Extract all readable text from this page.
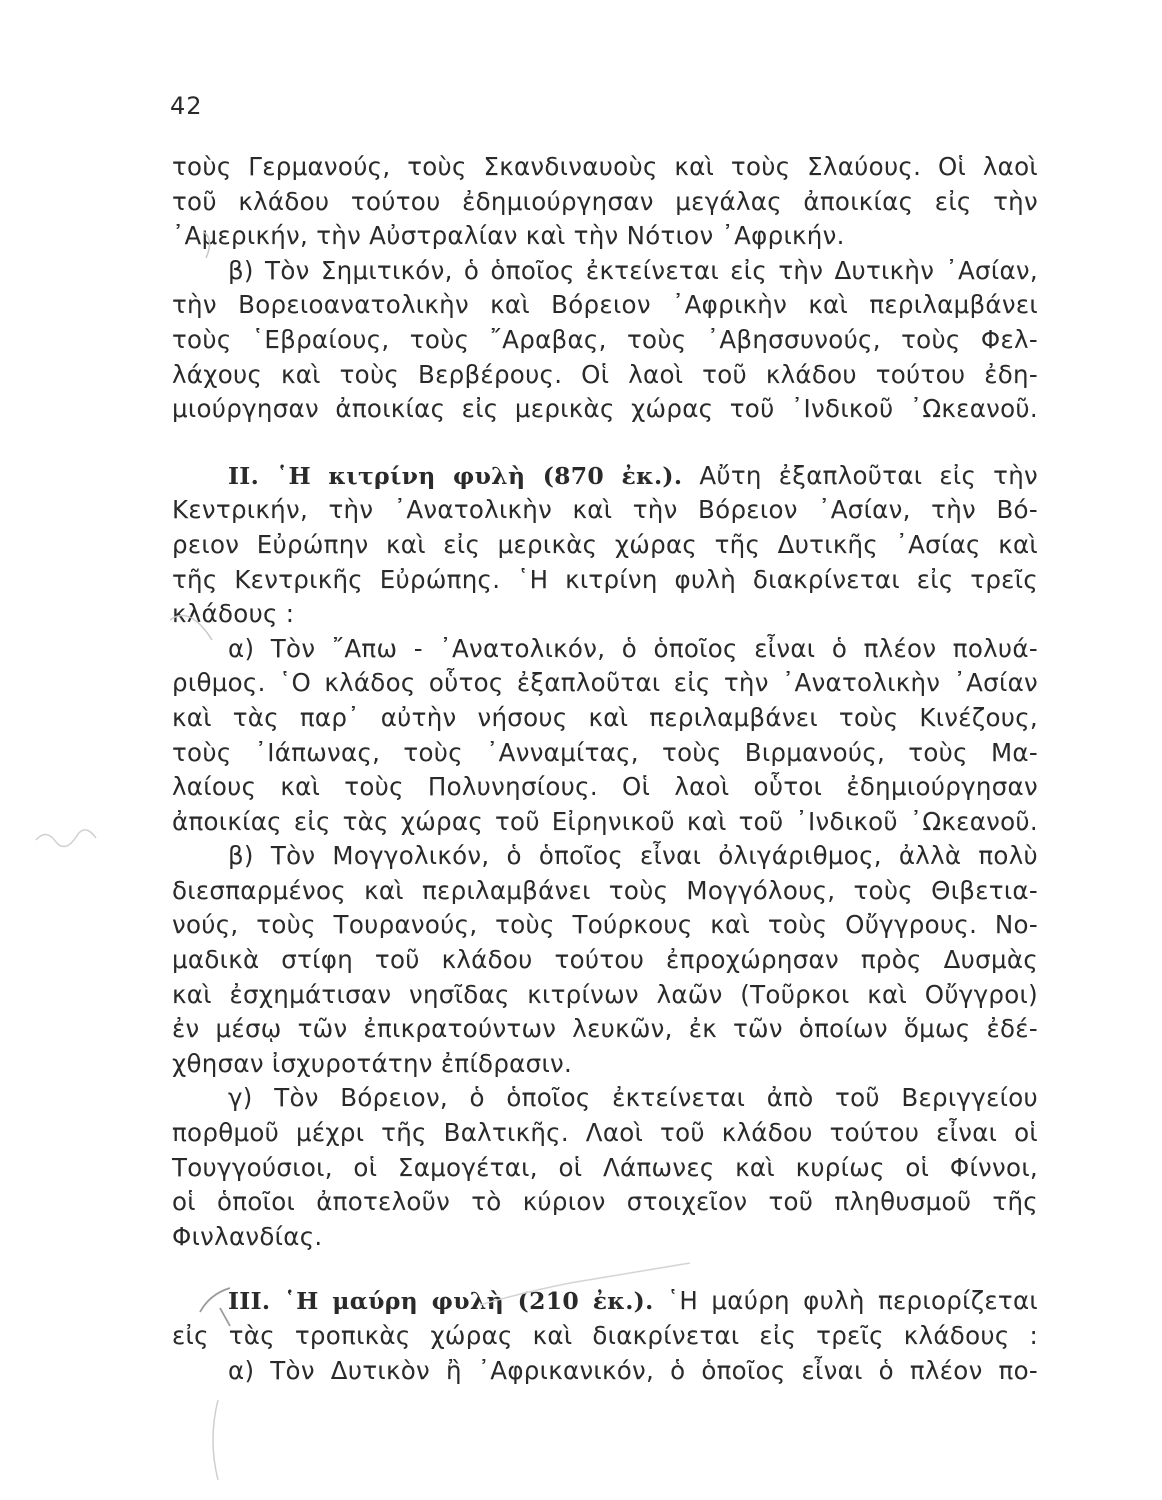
42
τοὺς Γερμανούς, τοὺς Σκανδιναυοὺς καὶ τοὺς Σλαύους. Οἱ λαοὶ
τοῦ κλάδου τούτου ἐδημιούργησαν μεγάλας ἀποικίας εἰς τὴν
᾿Αμερικήν, τὴν Αὐστραλίαν καὶ τὴν Νότιον ᾿Αφρικήν.
β) Τὸν Σημιτικόν, ὁ ὁποῖος ἐκτείνεται εἰς τὴν Δυτικὴν ᾿Ασίαν,
τὴν Βορειοανατολικὴν καὶ Βόρειον ᾿Αφρικὴν καὶ περιλαμβάνει
τοὺς ῾Εβραίους, τοὺς ῎Αραβας, τοὺς ᾿Αβησσυνούς, τοὺς Φελ-
λάχους καὶ τοὺς Βερβέρους. Οἱ λαοὶ τοῦ κλάδου τούτου ἐδη-
μιούργησαν ἀποικίας εἰς μερικὰς χώρας τοῦ ᾿Ινδικοῦ ᾿Ωκεανοῦ.
II. ῾Η κιτρίνη φυλὴ (870 ἐκ.). Αὔτη ἐξαπλοῦται εἰς τὴν
Κεντρικήν, τὴν ᾿Ανατολικὴν καὶ τὴν Βόρειον ᾿Ασίαν, τὴν Βό-
ρειον Εὐρώπην καὶ εἰς μερικὰς χώρας τῆς Δυτικῆς ᾿Ασίας καὶ
τῆς Κεντρικῆς Εὐρώπης. ῾Η κιτρίνη φυλὴ διακρίνεται εἰς τρεῖς
κλάδους :
α) Τὸν ῎Απω - ᾿Ανατολικόν, ὁ ὁποῖος εἶναι ὁ πλέον πολυά-
ριθμος. ῾Ο κλάδος οὗτος ἐξαπλοῦται εἰς τὴν ᾿Ανατολικὴν ᾿Ασίαν
καὶ τὰς παρ᾿ αὐτὴν νήσους καὶ περιλαμβάνει τοὺς Κινέζους,
τοὺς ᾿Ιάπωνας, τοὺς ᾿Ανναμίτας, τοὺς Βιρμανούς, τοὺς Μα-
λαίους καὶ τοὺς Πολυνησίους. Οἱ λαοὶ οὗτοι ἐδημιούργησαν
ἀποικίας εἰς τὰς χώρας τοῦ Εἰρηνικοῦ καὶ τοῦ ᾿Ινδικοῦ ᾿Ωκεανοῦ.
β) Τὸν Μογγολικόν, ὁ ὁποῖος εἶναι ὀλιγάριθμος, ἀλλὰ πολὺ
διεσπαρμένος καὶ περιλαμβάνει τοὺς Μογγόλους, τοὺς Θιβετια-
νούς, τοὺς Τουρανούς, τοὺς Τούρκους καὶ τοὺς Οὔγγρους. Νο-
μαδικὰ στίφη τοῦ κλάδου τούτου ἐπροχώρησαν πρὸς Δυσμὰς
καὶ ἐσχημάτισαν νησῖδας κιτρίνων λαῶν (Τοῦρκοι καὶ Οὔγγροι)
ἐν μέσῳ τῶν ἐπικρατούντων λευκῶν, ἐκ τῶν ὁποίων ὅμως ἐδέ-
χθησαν ἰσχυροτάτην ἐπίδρασιν.
γ) Τὸν Βόρειον, ὁ ὁποῖος ἐκτείνεται ἀπὸ τοῦ Βεριγγείου
πορθμοῦ μέχρι τῆς Βαλτικῆς. Λαοὶ τοῦ κλάδου τούτου εἶναι οἱ
Τουγγούσιοι, οἱ Σαμογέται, οἱ Λάπωνες καὶ κυρίως οἱ Φίννοι,
οἱ ὁποῖοι ἀποτελοῦν τὸ κύριον στοιχεῖον τοῦ πληθυσμοῦ τῆς
Φινλανδίας.
III. ῾Η μαύρη φυλὴ (210 ἐκ.). ῾Η μαύρη φυλὴ περιορίζεται
εἰς τὰς τροπικὰς χώρας καὶ διακρίνεται εἰς τρεῖς κλάδους :
α) Τὸν Δυτικὸν ἢ ᾿Αφρικανικόν, ὁ ὁποῖος εἶναι ὁ πλέον πο-
